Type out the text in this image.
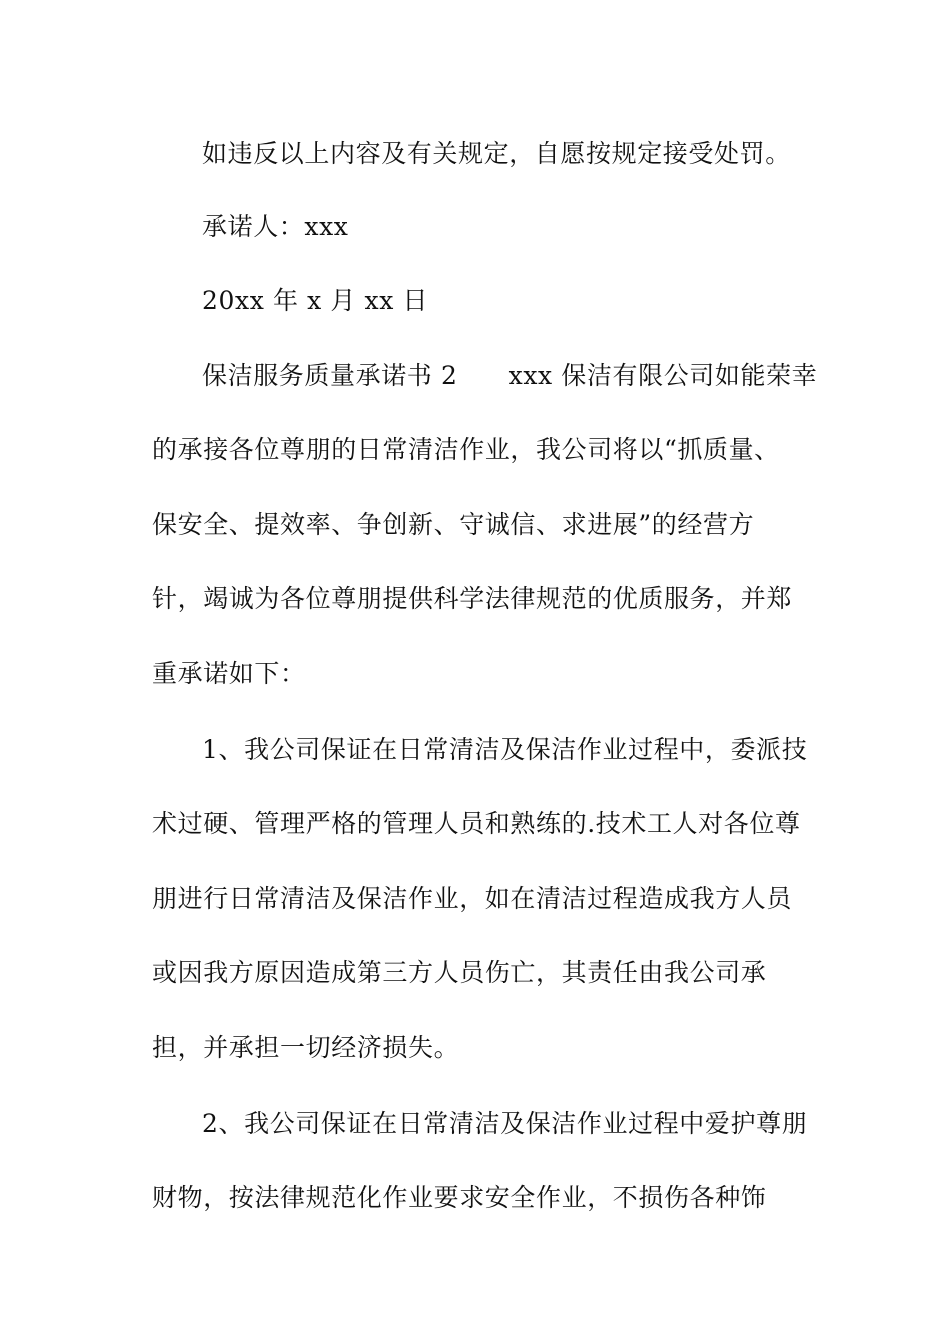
如违反以上内容及有关规定，自愿按规定接受处罚。
承诺人：xxx
20xx 年 x 月 xx 日
保洁服务质量承诺书 2　　xxx 保洁有限公司如能荣幸
的承接各位尊朋的日常清洁作业，我公司将以“抓质量、
保安全、提效率、争创新、守诚信、求进展”的经营方
针，竭诚为各位尊朋提供科学法律规范的优质服务，并郑
重承诺如下：
1、我公司保证在日常清洁及保洁作业过程中，委派技
术过硬、管理严格的管理人员和熟练的.技术工人对各位尊
朋进行日常清洁及保洁作业，如在清洁过程造成我方人员
或因我方原因造成第三方人员伤亡，其责任由我公司承
担，并承担一切经济损失。
2、我公司保证在日常清洁及保洁作业过程中爱护尊朋
财物，按法律规范化作业要求安全作业，不损伤各种饰
